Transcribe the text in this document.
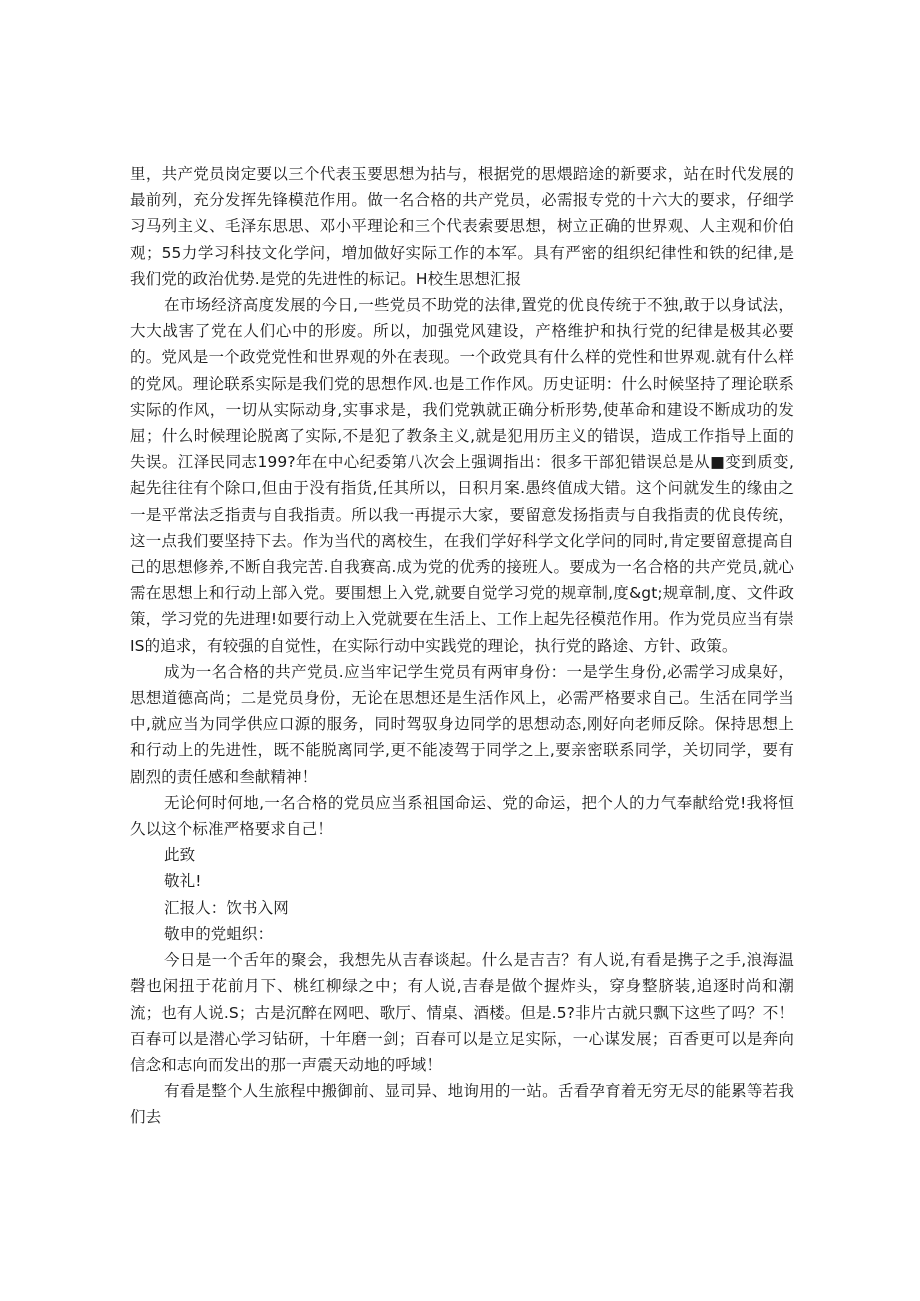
里，共产党员岗定要以三个代表玉要思想为拈与，根据党的思煨踣途的新要求，站在时代发展的最前列，充分发挥先锋模范作用。做一名合格的共产党员，必需报专党的十六大的要求，仔细学习马列主义、毛泽东思思、邓小平理论和三个代表索要思想，树立正确的世界观、人主观和价伯观；55力学习科技文化学问，増加做好实际工作的本军。具有严密的组织纪律性和铁的纪律,是我们党的政治优势.是党的先进性的标记。H校生思想汇报

在市场经济高度发展的今日,一些党员不助党的法律,置党的优良传统于不独,敢于以身试法，大大战害了党在人们心中的形废。所以，加强党风建设，产格维护和执行党的纪律是极其必要的。党风是一个政党党性和世界观的外在表现。一个政党具有什么样的党性和世界观.就有什么样的党风。理论联系实际是我们党的思想作风.也是工作作风。历史证明：什么时候坚持了理论联系实际的作风，一切从实际动身,实事求是，我们党孰就正确分析形势,使革命和建设不断成功的发屈；什么时候理论脱离了实际,不是犯了教条主义,就是犯用历主义的错误，造成工作指导上面的失误。江泽民同志199?年在中心纪委第八次会上强调指出：很多干部犯错误总是从■变到质变,起先往往有个除口,但由于没有指货,任其所以，日积月案.愚终值成大错。这个问就发生的缘由之一是平常法乏指责与自我指责。所以我一再提示大家，要留意发扬指责与自我指责的优良传统，这一点我们要坚持下去。作为当代的离校生，在我们学好科学文化学问的同时,肯定要留意提高自己的思想修养,不断自我完苦.自我赛高.成为党的优秀的接班人。要成为一名合格的共产党员,就心需在思想上和行动上部入党。要围想上入党,就要自觉学习党的规章制,度&gt;规章制,度、文件政策，学习党的先进理!如要行动上入党就要在生活上、工作上起先径模范作用。作为党员应当有崇IS的追求，有较强的自觉性，在实际行动中实践党的理论，执行党的路途、方针、政策。

成为一名合格的共产党员.应当牢记学生党员有两审身份：一是学生身份,必需学习成臬好，思想道德高尚；二是党员身份，无论在思想还是生活作风上，必需严格要求自己。生活在同学当中,就应当为同学供应口源的服务，同时驾驭身边同学的思想动态,刚好向老师反除。保持思想上和行动上的先进性，既不能脱离同学,更不能凌驾于同学之上,要亲密联系同学，关切同学，要有剧烈的责任感和叁献精神！

无论何时何地,一名合格的党员应当系祖国命运、党的命运，把个人的力气奉献给党!我将恒久以这个标准严格要求自己！

此致

敬礼!

汇报人：饮书入网

敬申的党蛆织：

今日是一个舌年的聚会，我想先从吉春谈起。什么是吉吉？有人说,有看是携子之手,浪海温磬也闲扭于花前月下、桃红柳绿之中；有人说,吉春是做个握炸头，穿身整脐装,追逐时尚和潮流；也有人说.S；古是沉醉在网吧、歌厅、情桌、酒楼。但是.5?非片古就只飘下这些了吗？不！百春可以是潜心学习钻研，十年磨一剑；百春可以是立足实际，一心谋发展；百香更可以是奔向信念和志向而发出的那一声震天动地的呼域！

有看是整个人生旅程中搬御前、显司异、地询用的一站。舌看孕育着无穷无尽的能累等若我们去
